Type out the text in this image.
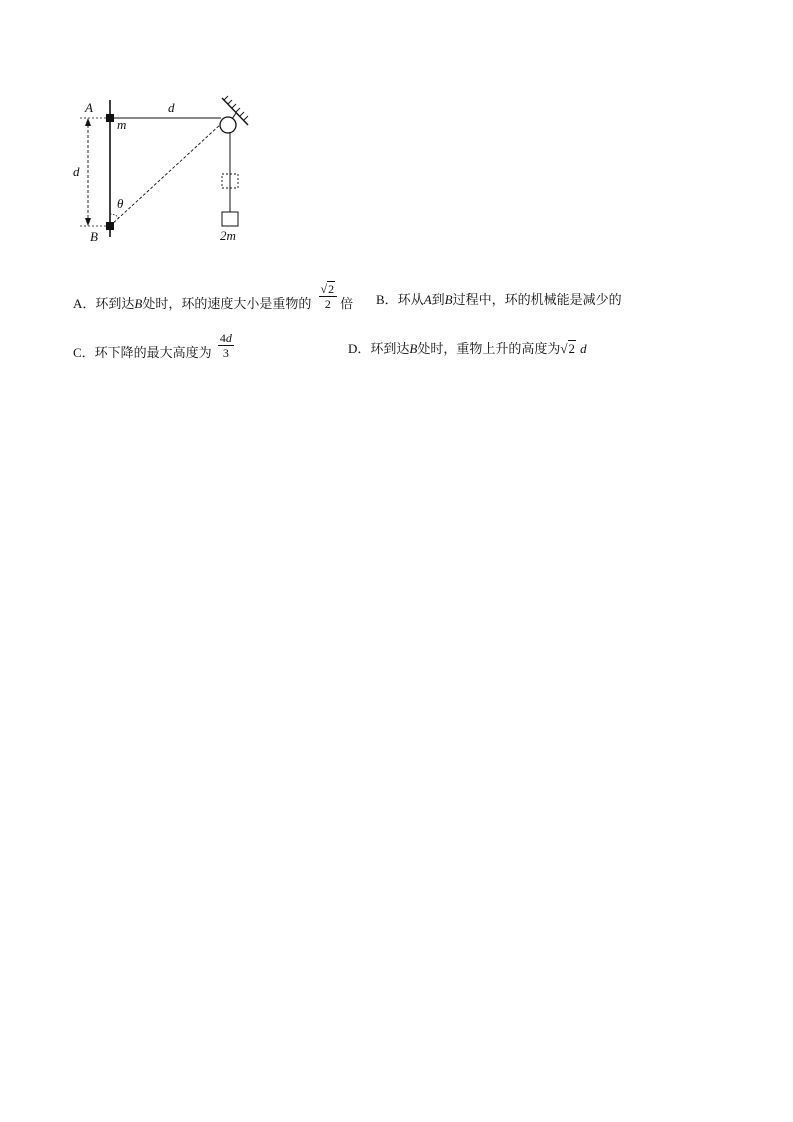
A
m
d
d
θ
B	2m
A．环到达B处时，环的速度大小是重物的 $\frac{√2}{2}$ 倍 B．环从A到B过程中，环的机械能是减少的
C．环下降的最大高度为 $\frac{4d}{3}$	D．环到达B处时，重物上升的高度为√2 d
